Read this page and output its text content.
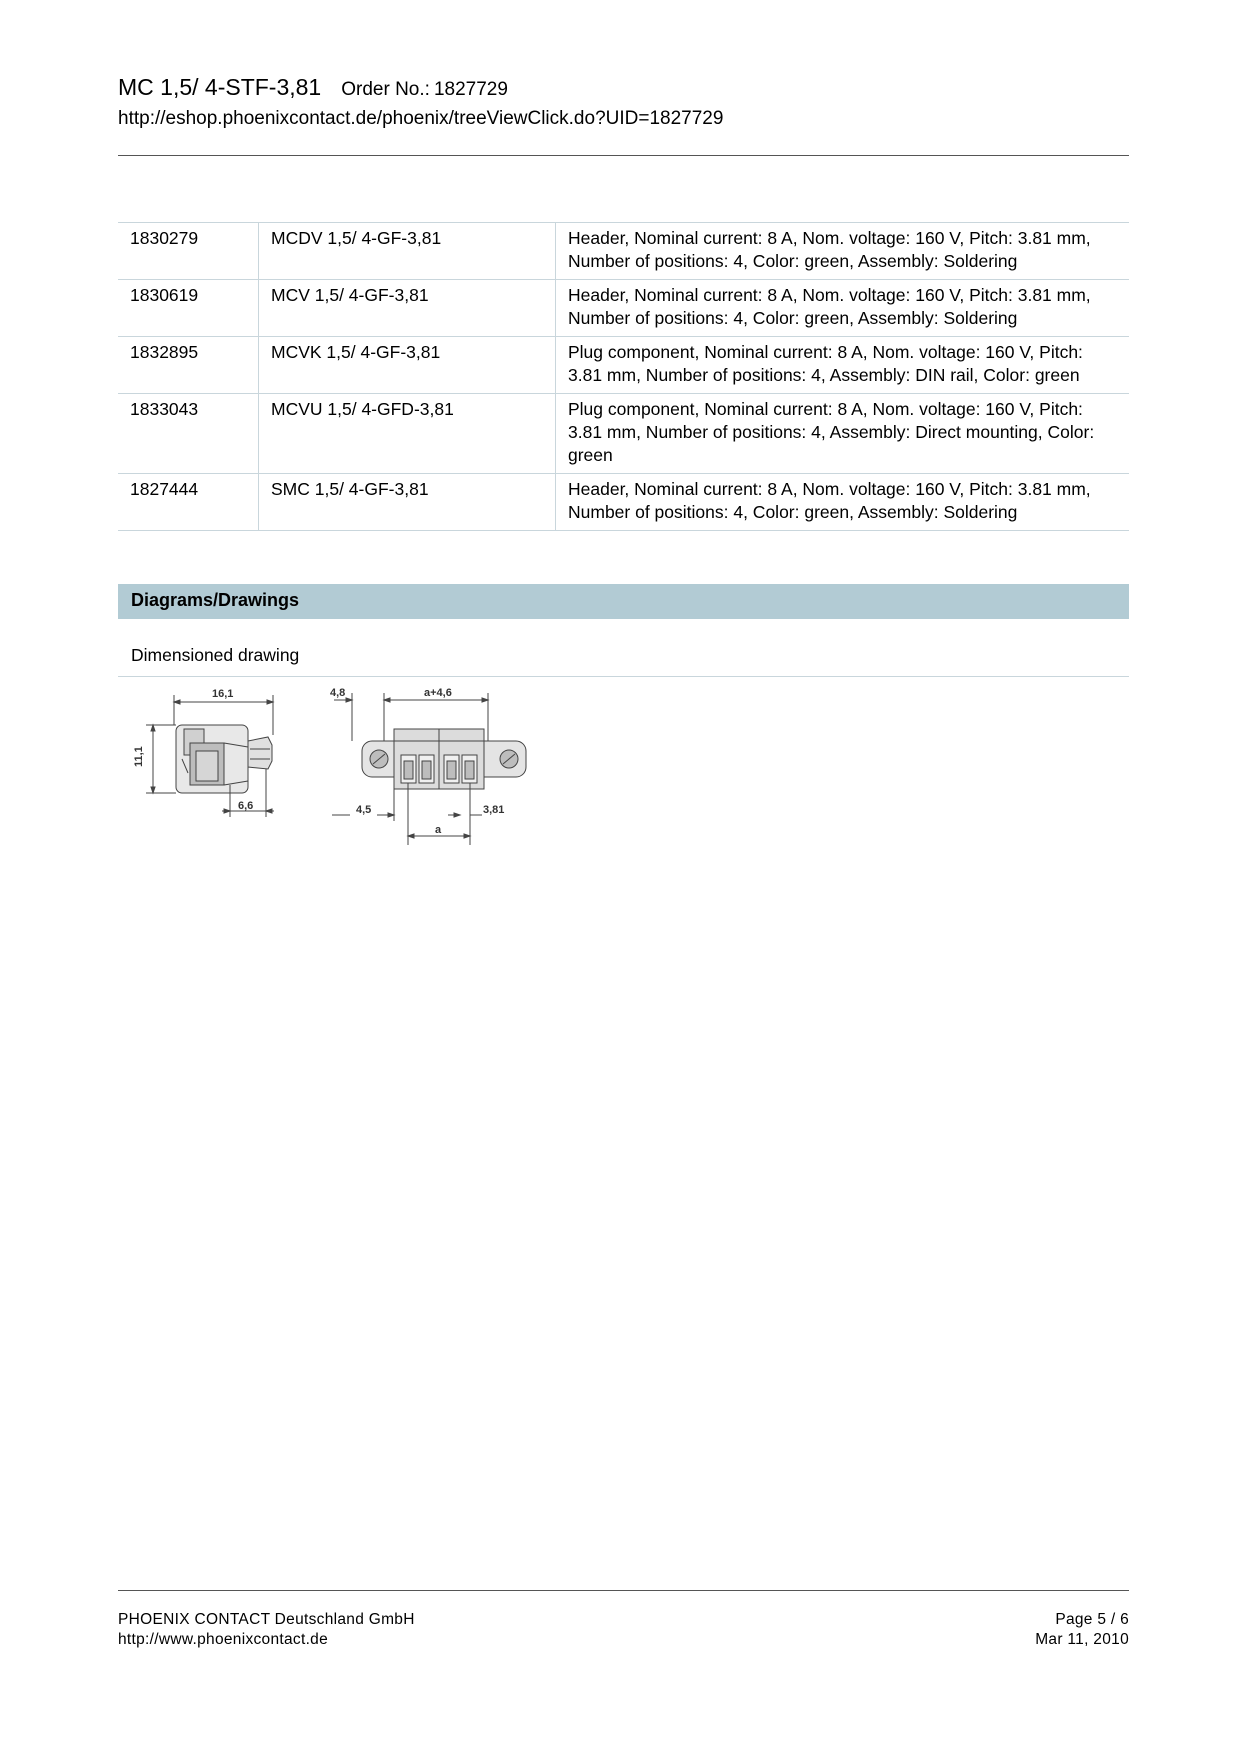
MC 1,5/ 4-STF-3,81 Order No.: 1827729
http://eshop.phoenixcontact.de/phoenix/treeViewClick.do?UID=1827729
1830279	MCDV 1,5/ 4-GF-3,81	Header, Nominal current: 8 A, Nom. voltage: 160 V, Pitch: 3.81 mm, Number of positions: 4, Color: green, Assembly: Soldering
1830619	MCV 1,5/ 4-GF-3,81	Header, Nominal current: 8 A, Nom. voltage: 160 V, Pitch: 3.81 mm, Number of positions: 4, Color: green, Assembly: Soldering
1832895	MCVK 1,5/ 4-GF-3,81	Plug component, Nominal current: 8 A, Nom. voltage: 160 V, Pitch: 3.81 mm, Number of positions: 4, Assembly: DIN rail, Color: green
1833043	MCVU 1,5/ 4-GFD-3,81	Plug component, Nominal current: 8 A, Nom. voltage: 160 V, Pitch: 3.81 mm, Number of positions: 4, Assembly: Direct mounting, Color: green
1827444	SMC 1,5/ 4-GF-3,81	Header, Nominal current: 8 A, Nom. voltage: 160 V, Pitch: 3.81 mm, Number of positions: 4, Color: green, Assembly: Soldering
Diagrams/Drawings
Dimensioned drawing
16,1
11,1
6,6
4,8	a+4,6
4,5	3,81
a
PHOENIX CONTACT Deutschland GmbH
http://www.phoenixcontact.de
Page 5 / 6
Mar 11, 2010
